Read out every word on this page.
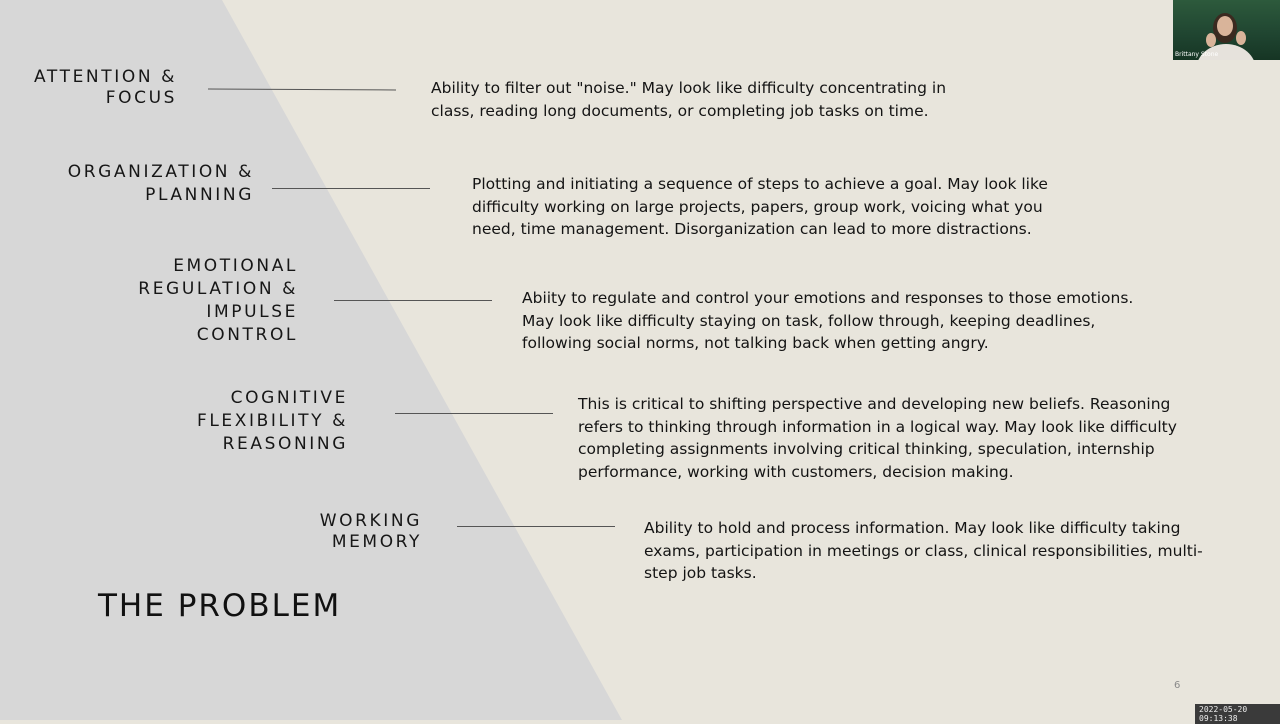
ATTENTION &
FOCUS	Ability to filter out "noise." May look like difficulty concentrating in class, reading long documents, or completing job tasks on time.
ORGANIZATION &
PLANNING
Plotting and initiating a sequence of steps to achieve a goal. May look like difficulty working on large projects, papers, group work, voicing what you need, time management. Disorganization can lead to more distractions.
EMOTIONAL
REGULATION &
IMPULSE
CONTROL
Abiity to regulate and control your emotions and responses to those emotions. May look like difficulty staying on task, follow through, keeping deadlines, following social norms, not talking back when getting angry.
COGNITIVE
FLEXIBILITY &
REASONING
This is critical to shifting perspective and developing new beliefs. Reasoning refers to thinking through information in a logical way. May look like difficulty completing assignments involving critical thinking, speculation, internship performance, working with customers, decision making.
WORKING
MEMORY
Ability to hold and process information. May look like difficulty taking exams, participation in meetings or class, clinical responsibilities, multi-step job tasks.
THE PROBLEM
6
Brittany Stone
2022-05-20 09:13:38
